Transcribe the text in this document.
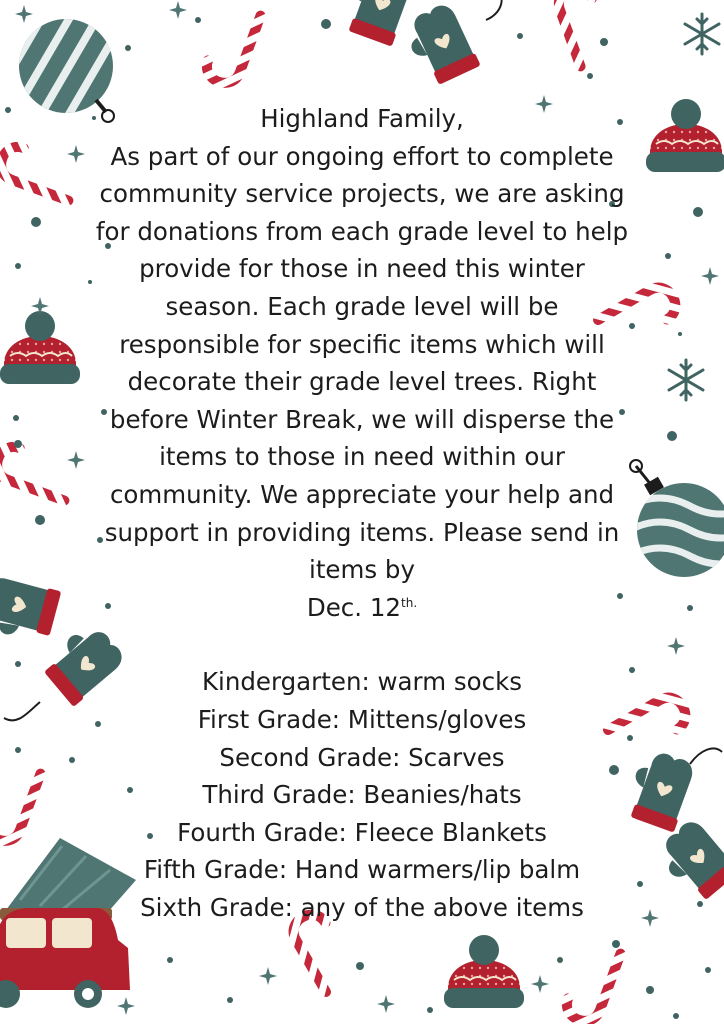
Highland Family,

As part of our ongoing effort to complete community service projects, we are asking for donations from each grade level to help provide for those in need this winter season. Each grade level will be responsible for specific items which will decorate their grade level trees. Right before Winter Break, we will disperse the items to those in need within our community. We appreciate your help and support in providing items. Please send in items by
Dec. $12^{th.}$

Kindergarten: warm socks
First Grade: Mittens/gloves
Second Grade: Scarves
Third Grade: Beanies/hats
Fourth Grade: Fleece Blankets
Fifth Grade: Hand warmers/lip balm
Sixth Grade: any of the above items
